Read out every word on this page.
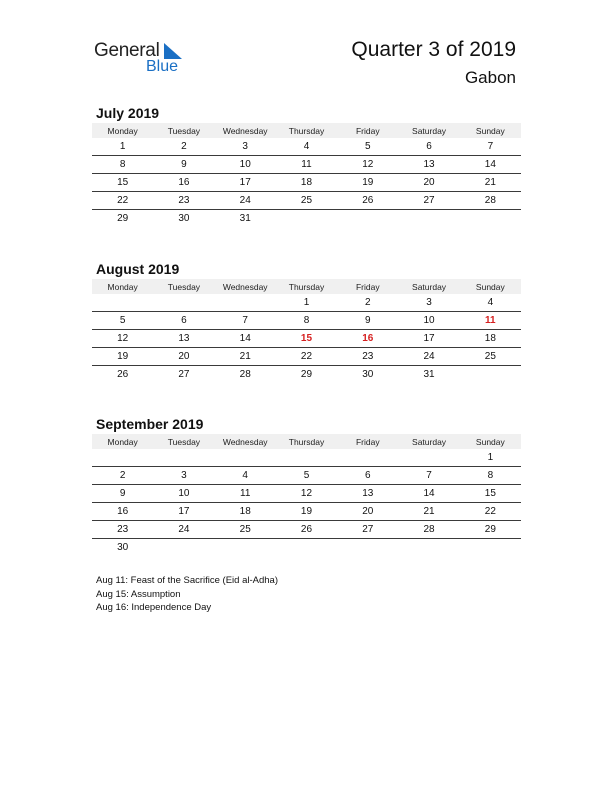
General
Blue
Quarter 3 of 2019
Gabon
July 2019
Monday	Tuesday	Wednesday	Thursday	Friday	Saturday	Sunday
1	2	3	4	5	6	7
8	9	10	11	12	13	14
15	16	17	18	19	20	21
22	23	24	25	26	27	28
29	30	31				
August 2019
Monday	Tuesday	Wednesday	Thursday	Friday	Saturday	Sunday
			1	2	3	4
5	6	7	8	9	10	11
12	13	14	15	16	17	18
19	20	21	22	23	24	25
26	27	28	29	30	31	
September 2019
Monday	Tuesday	Wednesday	Thursday	Friday	Saturday	Sunday
						1
2	3	4	5	6	7	8
9	10	11	12	13	14	15
16	17	18	19	20	21	22
23	24	25	26	27	28	29
30						
Aug 11: Feast of the Sacrifice (Eid al-Adha)
Aug 15: Assumption
Aug 16: Independence Day
